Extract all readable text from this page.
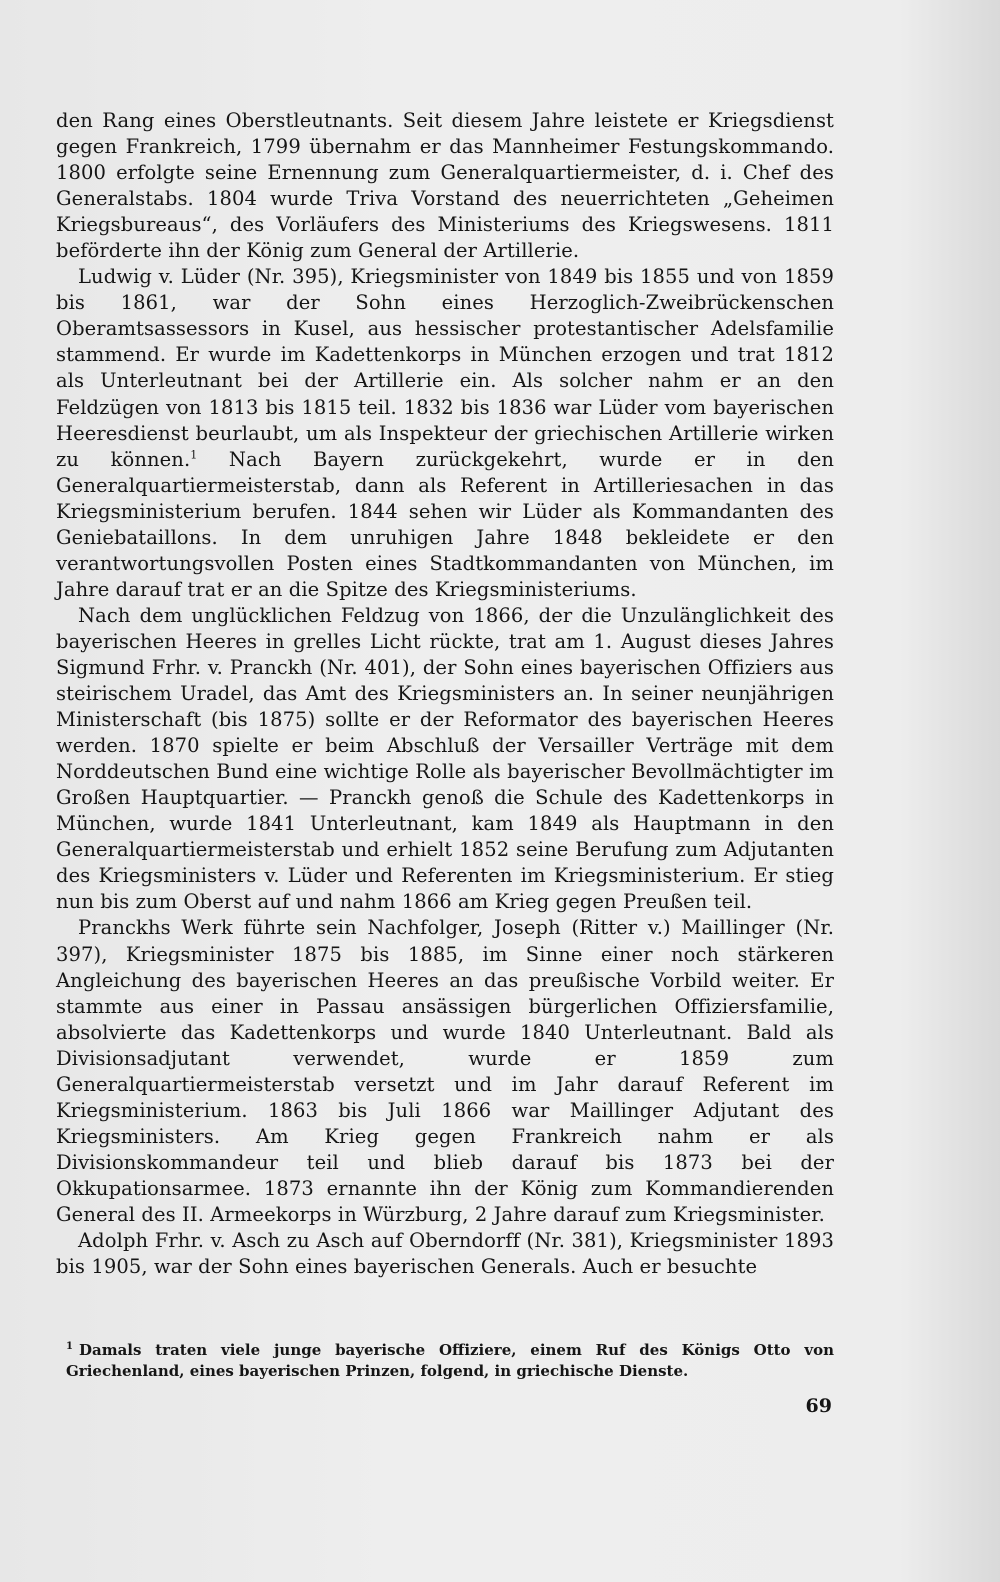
den Rang eines Oberstleutnants. Seit diesem Jahre leistete er Kriegsdienst gegen Frankreich, 1799 übernahm er das Mannheimer Festungskommando. 1800 erfolgte seine Ernennung zum Generalquartiermeister, d. i. Chef des Generalstabs. 1804 wurde Triva Vorstand des neuerrichteten „Geheimen Kriegsbureaus“, des Vorläufers des Ministeriums des Kriegswesens. 1811 beförderte ihn der König zum General der Artillerie.

Ludwig v. Lüder (Nr. 395), Kriegsminister von 1849 bis 1855 und von 1859 bis 1861, war der Sohn eines Herzoglich-Zweibrückenschen Oberamtsassessors in Kusel, aus hessischer protestantischer Adelsfamilie stammend. Er wurde im Kadettenkorps in München erzogen und trat 1812 als Unterleutnant bei der Artillerie ein. Als solcher nahm er an den Feldzügen von 1813 bis 1815 teil. 1832 bis 1836 war Lüder vom bayerischen Heeresdienst beurlaubt, um als Inspekteur der griechischen Artillerie wirken zu können.$^1$ Nach Bayern zurückgekehrt, wurde er in den Generalquartiermeisterstab, dann als Referent in Artilleriesachen in das Kriegsministerium berufen. 1844 sehen wir Lüder als Kommandanten des Geniebataillons. In dem unruhigen Jahre 1848 bekleidete er den verantwortungsvollen Posten eines Stadtkommandanten von München, im Jahre darauf trat er an die Spitze des Kriegsministeriums.

Nach dem unglücklichen Feldzug von 1866, der die Unzulänglichkeit des bayerischen Heeres in grelles Licht rückte, trat am 1. August dieses Jahres Sigmund Frhr. v. Pranckh (Nr. 401), der Sohn eines bayerischen Offiziers aus steirischem Uradel, das Amt des Kriegsministers an. In seiner neunjährigen Ministerschaft (bis 1875) sollte er der Reformator des bayerischen Heeres werden. 1870 spielte er beim Abschluß der Versailler Verträge mit dem Norddeutschen Bund eine wichtige Rolle als bayerischer Bevollmächtigter im Großen Hauptquartier. — Pranckh genoß die Schule des Kadettenkorps in München, wurde 1841 Unterleutnant, kam 1849 als Hauptmann in den Generalquartiermeisterstab und erhielt 1852 seine Berufung zum Adjutanten des Kriegsministers v. Lüder und Referenten im Kriegsministerium. Er stieg nun bis zum Oberst auf und nahm 1866 am Krieg gegen Preußen teil.

Pranckhs Werk führte sein Nachfolger, Joseph (Ritter v.) Maillinger (Nr. 397), Kriegsminister 1875 bis 1885, im Sinne einer noch stärkeren Angleichung des bayerischen Heeres an das preußische Vorbild weiter. Er stammte aus einer in Passau ansässigen bürgerlichen Offiziersfamilie, absolvierte das Kadettenkorps und wurde 1840 Unterleutnant. Bald als Divisionsadjutant verwendet, wurde er 1859 zum Generalquartiermeisterstab versetzt und im Jahr darauf Referent im Kriegsministerium. 1863 bis Juli 1866 war Maillinger Adjutant des Kriegsministers. Am Krieg gegen Frankreich nahm er als Divisionskommandeur teil und blieb darauf bis 1873 bei der Okkupationsarmee. 1873 ernannte ihn der König zum Kommandierenden General des II. Armeekorps in Würzburg, 2 Jahre darauf zum Kriegsminister.

Adolph Frhr. v. Asch zu Asch auf Oberndorff (Nr. 381), Kriegsminister 1893 bis 1905, war der Sohn eines bayerischen Generals. Auch er besuchte

$^1$ Damals traten viele junge bayerische Offiziere, einem Ruf des Königs Otto von Griechenland, eines bayerischen Prinzen, folgend, in griechische Dienste.
69
